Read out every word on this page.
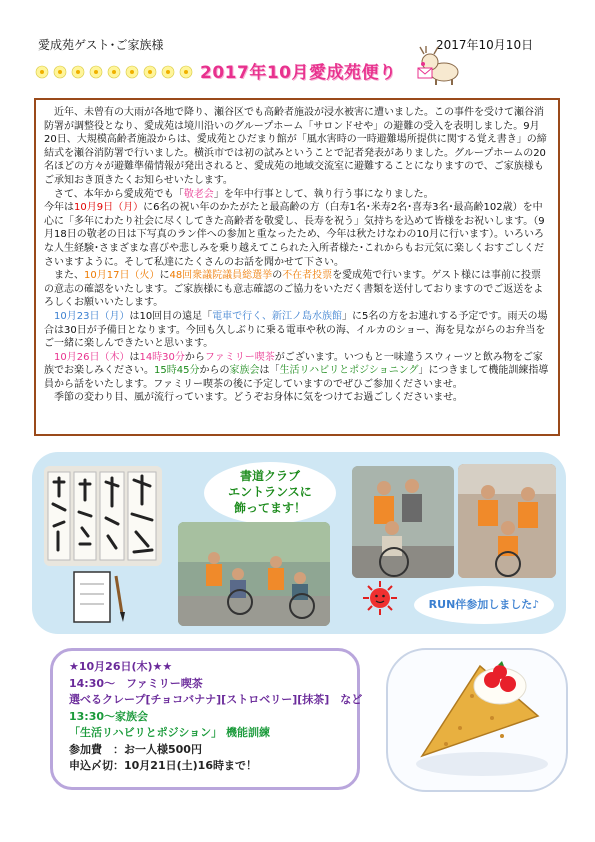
愛成苑ゲスト･ご家族様	2017年10月10日
2017年10月愛成苑便り

　近年、未曾有の大雨が各地で降り、瀬谷区でも高齢者施設が浸水被害に遭いました。この事件を受けて瀬谷消防署が調整役となり、愛成苑は境川沿いのグループホーム「サロンドせや」の避難の受入を表明しました。9月20日、大規模高齢者施設からは、愛成苑とひだまり館が「風水害時の一時避難場所提供に関する覚え書き」の締結式を瀬谷消防署で行いました。横浜市では初の試みということで記者発表がありました。グループホームの20名ほどの方々が避難準備情報が発出されると、愛成苑の地域交流室に避難することになりますので、ご家族様もご承知おき頂きたくお知らせいたします。

　さて、本年から愛成苑でも「敬老会」を年中行事として、執り行う事になりました。

今年は10月9日（月）に6名の祝い年のかたがたと最高齢の方（白寿1名･米寿2名･喜寿3名･最高齢102歳）を中心に「多年にわたり社会に尽くしてきた高齢者を敬愛し、長寿を祝う」気持ちを込めて皆様をお祝いします。（9月18日の敬老の日は下写真のラン伴への参加と重なったため、今年は秋たけなわの10月に行います）。いろいろな人生経験･さまざまな喜びや悲しみを乗り越えてこられた入所者様た･これからもお元気に楽しくおすごしくださいますように。そして私達にたくさんのお話を聞かせて下さい。

　また、10月17日（火）に48回衆議院議員総選挙の不在者投票を愛成苑で行います。ゲスト様には事前に投票の意志の確認をいたします。ご家族様にも意志確認のご協力をいただく書類を送付しておりますのでご返送をよろしくお願いいたします。

　10月23日（月）は10回目の遠足「電車で行く、新江ノ島水族館」に5名の方をお連れする予定です。雨天の場合は30日が予備日となります。今回も久しぶりに乗る電車や秋の海、イルカのショー、海を見ながらのお弁当をご一緒に楽しんできたいと思います。

　10月26日（木）は14時30分からファミリー喫茶がございます。いつもと一味違うスウィーツと飲み物をご家族でお楽しみください。15時45分からの家族会は「生活リハビリとポジショニング」につきまして機能訓練指導員から話をいたします。ファミリー喫茶の後に予定していますのでぜひご参加くださいませ。

　季節の変わり目、風が流行っています。どうぞお身体に気をつけてお過ごしくださいませ。

書道クラブ
エントランスに
飾ってます！
RUN伴参加しました♪
★10月26日(木)★★
14:30～　ファミリー喫茶
選べるクレープ[チョコバナナ][ストロベリー][抹茶]　など
13:30～家族会
「生活リハビリとポジション」 機能訓練
参加費　：お一人様500円
申込〆切：10月21日(土)16時まで！
